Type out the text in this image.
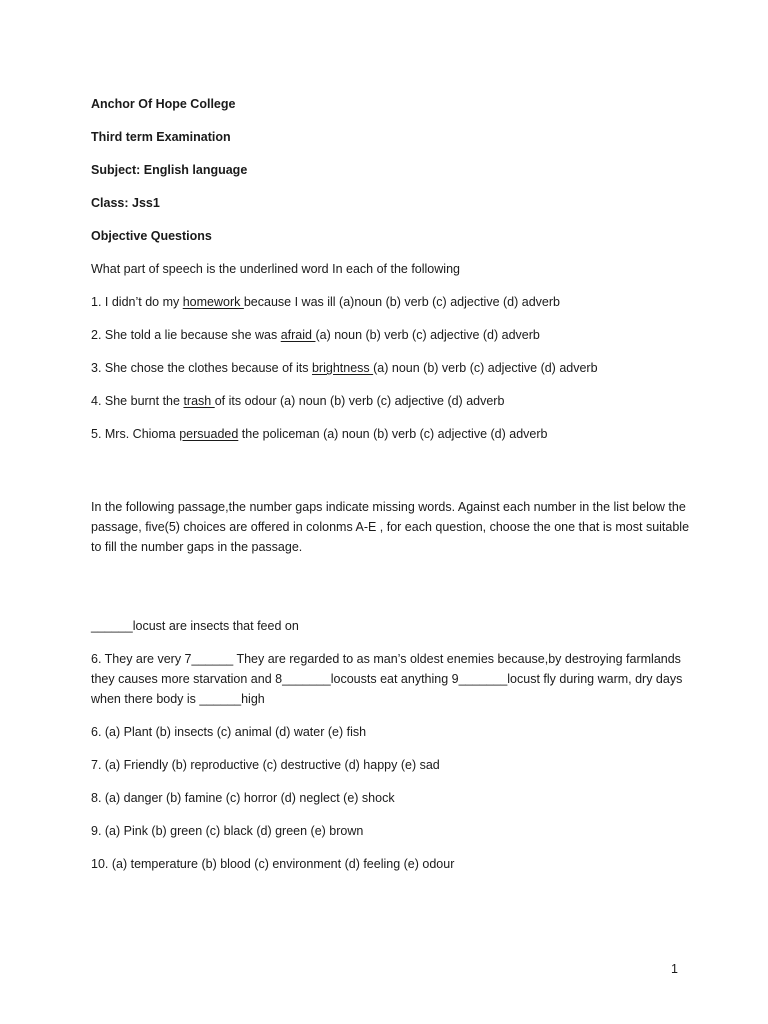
Anchor Of Hope College
Third term Examination
Subject: English language
Class: Jss1
Objective Questions
What part of speech is the underlined word In each of the following
1. I didn’t do my homework because I was ill (a)noun (b) verb (c) adjective (d) adverb
2. She told a lie because she was afraid (a) noun (b) verb (c) adjective (d) adverb
3. She chose the clothes because of its brightness (a) noun (b) verb (c) adjective (d) adverb
4. She burnt the trash of its odour (a) noun (b) verb (c) adjective (d) adverb
5. Mrs. Chioma persuaded the policeman (a) noun (b) verb (c) adjective (d) adverb
In the following passage,the number gaps indicate missing words. Against each number in the list below the passage, five(5) choices are offered in colonms A-E , for each question, choose the one that is most suitable to fill the number gaps in the passage.
______locust are insects that feed on
6. They are very 7______ They are regarded to as man’s oldest enemies because,by destroying farmlands they causes more starvation and 8_______locousts eat anything 9_______locust fly during warm, dry days when there body is ______high
6. (a) Plant (b) insects (c) animal (d) water (e) fish
7. (a) Friendly (b) reproductive (c) destructive (d) happy (e) sad
8. (a) danger (b) famine (c) horror (d) neglect (e) shock
9. (a) Pink (b) green (c) black (d) green (e) brown
10. (a) temperature (b) blood (c) environment (d) feeling (e) odour
1
